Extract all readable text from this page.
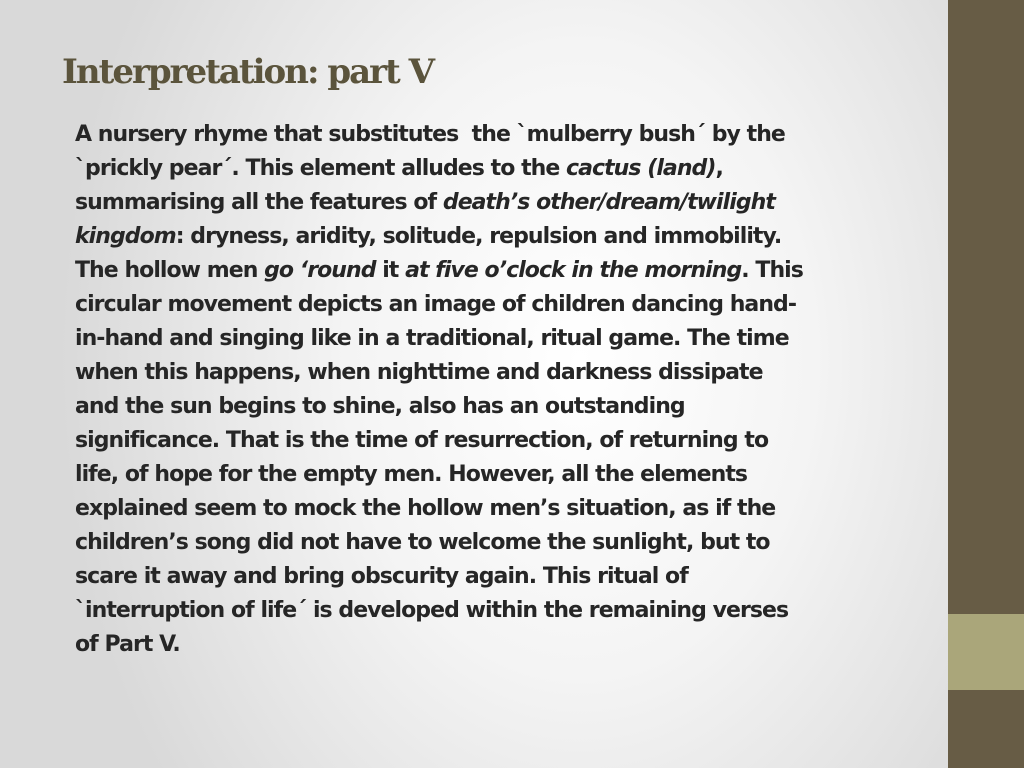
Interpretation: part V
A nursery rhyme that substitutes  the `mulberry bush´ by the
`prickly pear´. This element alludes to the cactus (land),
summarising all the features of death’s other/dream/twilight
kingdom: dryness, aridity, solitude, repulsion and immobility.
The hollow men go ‘round it at five o’clock in the morning. This
circular movement depicts an image of children dancing hand-
in-hand and singing like in a traditional, ritual game. The time
when this happens, when nighttime and darkness dissipate
and the sun begins to shine, also has an outstanding
significance. That is the time of resurrection, of returning to
life, of hope for the empty men. However, all the elements
explained seem to mock the hollow men’s situation, as if the
children’s song did not have to welcome the sunlight, but to
scare it away and bring obscurity again. This ritual of
`interruption of life´ is developed within the remaining verses
of Part V.
